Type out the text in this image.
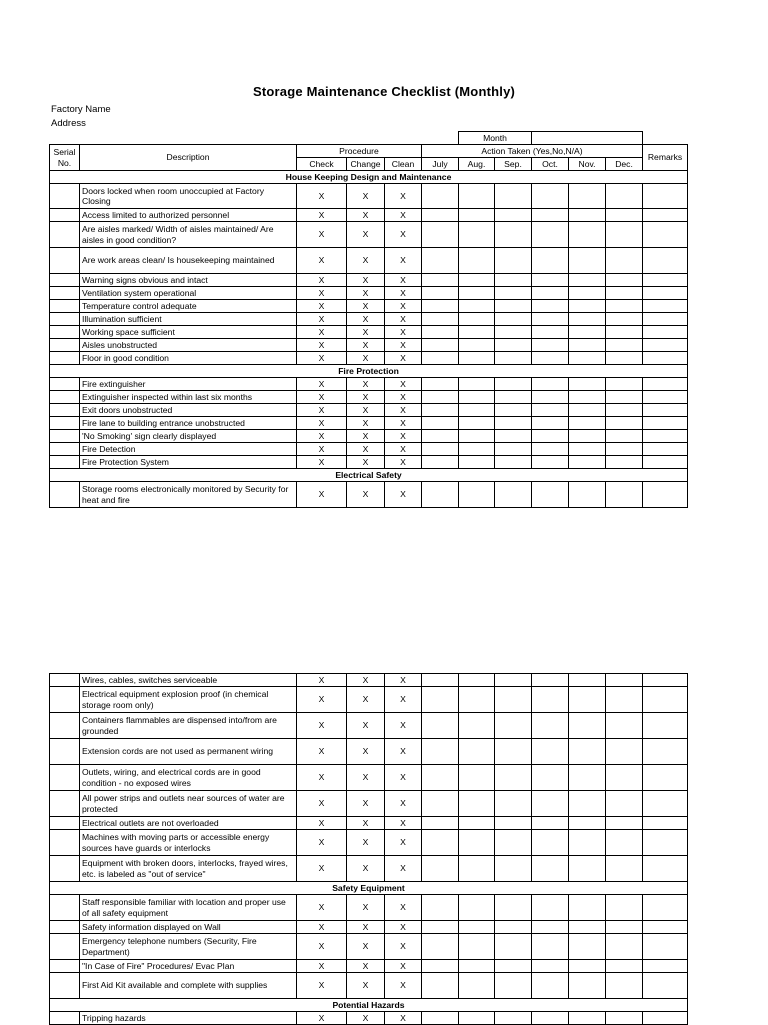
Storage Maintenance Checklist (Monthly)
Factory Name
Address
						Month					
Serial No.	Description	Procedure			Action Taken (Yes,No,N/A)						Remarks
		Check	Change	Clean	July	Aug.	Sep.	Oct.	Nov.	Dec.	
House Keeping Design and Maintenance											
	Doors locked when room unoccupied at Factory Closing	X	X	X							
	Access limited to authorized personnel	X	X	X							
	Are aisles marked/ Width of aisles maintained/ Are aisles in good condition?	X	X	X							
	Are work areas clean/ Is housekeeping maintained	X	X	X							
	Warning signs obvious and intact	X	X	X							
	Ventilation system operational	X	X	X							
	Temperature control adequate	X	X	X							
	Illumination sufficient	X	X	X							
	Working space sufficient	X	X	X							
	Aisles unobstructed	X	X	X							
	Floor in good condition	X	X	X							
Fire Protection											
	Fire extinguisher	X	X	X							
	Extinguisher inspected within last six months	X	X	X							
	Exit doors unobstructed	X	X	X							
	Fire lane to building entrance unobstructed	X	X	X							
	'No Smoking' sign clearly displayed	X	X	X							
	Fire Detection	X	X	X							
	Fire Protection System	X	X	X							
Electrical Safety											
	Storage rooms electronically monitored by Security for heat and fire	X	X	X							
	Wires, cables, switches serviceable	X	X	X							
	Electrical equipment explosion proof (in chemical storage room only)	X	X	X							
	Containers flammables are dispensed into/from are grounded	X	X	X							
	Extension cords are not used as permanent wiring	X	X	X							
	Outlets, wiring, and electrical cords are in good condition - no exposed wires	X	X	X							
	All power strips and outlets near sources of water are protected	X	X	X							
	Electrical outlets are not overloaded	X	X	X							
	Machines with moving parts or accessible energy sources have guards or interlocks	X	X	X							
	Equipment with broken doors, interlocks, frayed wires, etc. is labeled as "out of service"	X	X	X							
Safety Equipment											
	Staff responsible familiar with location and proper use of all safety equipment	X	X	X							
	Safety information displayed on Wall	X	X	X							
	Emergency telephone numbers (Security, Fire Department)	X	X	X							
	"In Case of Fire" Procedures/ Evac Plan	X	X	X							
	First Aid Kit available and complete with supplies	X	X	X							
Potential Hazards											
	Tripping hazards	X	X	X							
